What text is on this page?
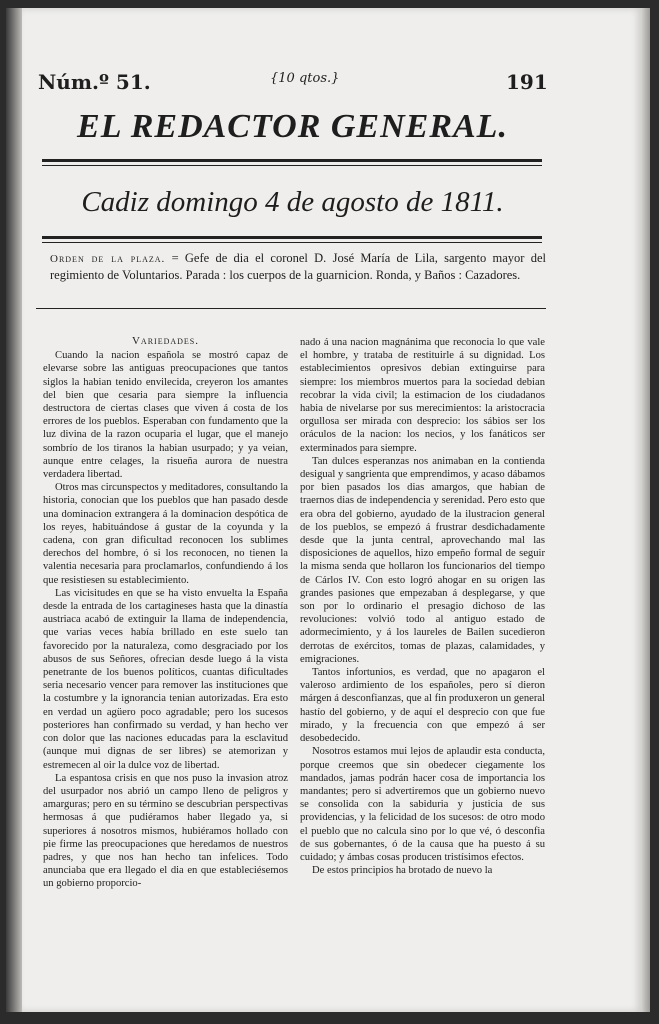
Núm.º 51.	{10 qtos.}	191
EL REDACTOR GENERAL.
Cadiz domingo 4 de agosto de 1811.
Orden de la plaza. = Gefe de dia el coronel D. José María de Lila, sargento mayor del regimiento de Voluntarios. Parada : los cuerpos de la guarnicion. Ronda, y Baños : Cazadores.
Variedades.

Cuando la nacion española se mostró capaz de elevarse sobre las antiguas preocupaciones que tantos siglos la habian tenido envilecida, creyeron los amantes del bien que cesaria para siempre la influencia destructora de ciertas clases que viven á costa de los errores de los pueblos. Esperaban con fundamento que la luz divina de la razon ocuparia el lugar, que el manejo sombrío de los tiranos la habian usurpado; y ya veian, aunque entre celages, la risueña aurora de nuestra verdadera libertad.

Otros mas circunspectos y meditadores, consultando la historia, conocian que los pueblos que han pasado desde una dominacion extrangera á la dominacion despótica de los reyes, habituándose á gustar de la coyunda y la cadena, con gran dificultad reconocen los sublimes derechos del hombre, ó si los reconocen, no tienen la valentia necesaria para proclamarlos, confundiendo á los que resistiesen su establecimiento.

Las vicisitudes en que se ha visto envuelta la España desde la entrada de los cartagineses hasta que la dinastía austriaca acabó de extinguir la llama de independencia, que varias veces había brillado en este suelo tan favorecido por la naturaleza, como desgraciado por los abusos de sus Señores, ofrecian desde luego á la vista penetrante de los buenos políticos, cuantas dificultades seria necesario vencer para remover las instituciones que la costumbre y la ignorancia tenian autorizadas. Era esto en verdad un agüero poco agradable; pero los sucesos posteriores han confirmado su verdad, y han hecho ver con dolor que las naciones educadas para la esclavitud (aunque mui dignas de ser libres) se atemorizan y estremecen al oir la dulce voz de libertad.

La espantosa crisis en que nos puso la invasion atroz del usurpador nos abrió un campo lleno de peligros y amarguras; pero en su término se descubrian perspectivas hermosas á que pudiéramos haber llegado ya, si superiores á nosotros mismos, hubiéramos hollado con pie firme las preocupaciones que heredamos de nuestros padres, y que nos han hecho tan infelices. Todo anunciaba que era llegado el dia en que estableciésemos un gobierno proporcio-

nado á una nacion magnánima que reconocia lo que vale el hombre, y trataba de restituirle á su dignidad. Los establecimientos opresivos debian extinguirse para siempre: los miembros muertos para la sociedad debian recobrar la vida civil; la estimacion de los ciudadanos habia de nivelarse por sus merecimientos: la aristocracia orgullosa ser mirada con desprecio: los sábios ser los oráculos de la nacion: los necios, y los fanáticos ser exterminados para siempre.

Tan dulces esperanzas nos animaban en la contienda desigual y sangrienta que emprendimos, y acaso dábamos por bien pasados los dias amargos, que habian de traernos dias de independencia y serenidad. Pero esto que era obra del gobierno, ayudado de la ilustracion general de los pueblos, se empezó á frustrar desdichadamente desde que la junta central, aprovechando mal las disposiciones de aquellos, hizo empeño formal de seguir la misma senda que hollaron los funcionarios del tiempo de Cárlos IV. Con esto logró ahogar en su origen las grandes pasiones que empezaban á desplegarse, y que son por lo ordinario el presagio dichoso de las revoluciones: volvió todo al antiguo estado de adormecimiento, y á los laureles de Bailen sucedieron derrotas de exércitos, tomas de plazas, calamidades, y emigraciones.

Tantos infortunios, es verdad, que no apagaron el valeroso ardimiento de los españoles, pero sí dieron márgen á desconfianzas, que al fin produxeron un general hastío del gobierno, y de aquí el desprecio con que fue mirado, y la frecuencia con que empezó á ser desobedecido.

Nosotros estamos mui lejos de aplaudir esta conducta, porque creemos que sin obedecer ciegamente los mandados, jamas podrán hacer cosa de importancia los mandantes; pero si advertiremos que un gobierno nuevo se consolida con la sabiduria y justicia de sus providencias, y la felicidad de los sucesos: de otro modo el pueblo que no calcula sino por lo que vé, ó desconfia de sus gobernantes, ó de la causa que ha puesto á su cuidado; y ámbas cosas producen tristísimos efectos.

De estos principios ha brotado de nuevo la
